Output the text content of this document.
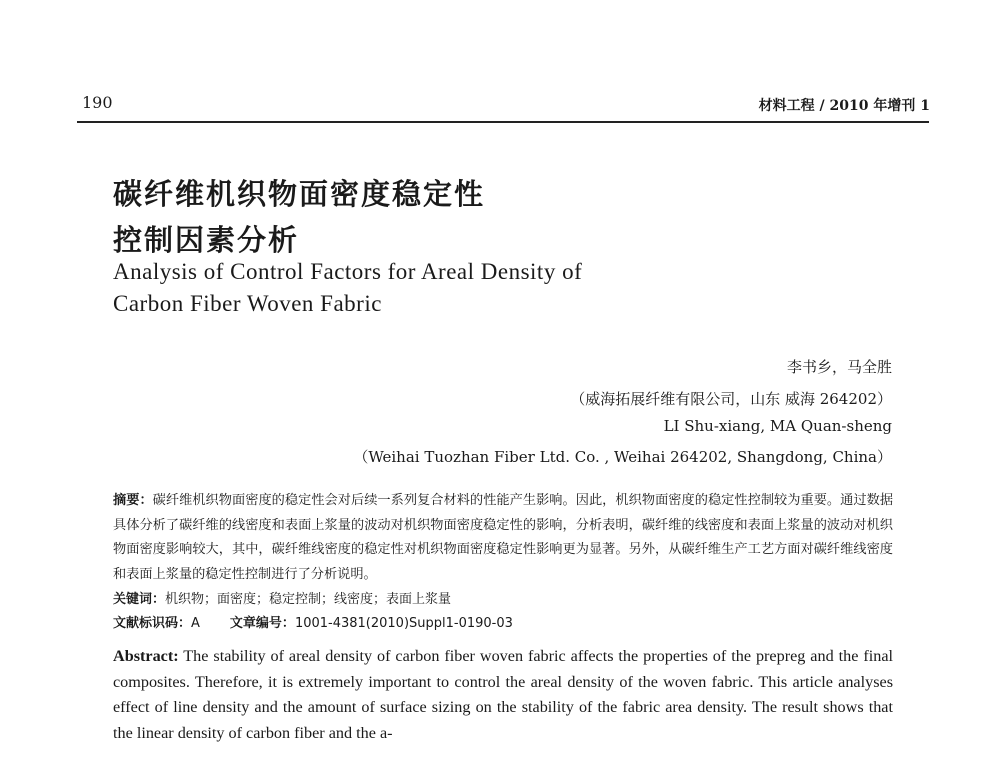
190	材料工程 / 2010 年增刊 1
碳纤维机织物面密度稳定性
控制因素分析
Analysis of Control Factors for Areal Density of
Carbon Fiber Woven Fabric
李书乡，马全胜
（威海拓展纤维有限公司，山东 威海 264202）
LI Shu-xiang, MA Quan-sheng
（Weihai Tuozhan Fiber Ltd. Co. , Weihai 264202, Shangdong, China）
摘要：碳纤维机织物面密度的稳定性会对后续一系列复合材料的性能产生影响。因此，机织物面密度的稳定性控制较为重要。通过数据具体分析了碳纤维的线密度和表面上浆量的波动对机织物面密度稳定性的影响，分析表明，碳纤维的线密度和表面上浆量的波动对机织物面密度影响较大，其中，碳纤维线密度的稳定性对机织物面密度稳定性影响更为显著。另外，从碳纤维生产工艺方面对碳纤维线密度和表面上浆量的稳定性控制进行了分析说明。
关键词：机织物；面密度；稳定控制；线密度；表面上浆量
文献标识码：A 文章编号：1001-4381(2010)Suppl1-0190-03
Abstract: The stability of areal density of carbon fiber woven fabric affects the properties of the prepreg and the final composites. Therefore, it is extremely important to control the areal density of the woven fabric. This article analyses effect of line density and the amount of surface sizing on the stability of the fabric area density. The result shows that the linear density of carbon fiber and the a-
